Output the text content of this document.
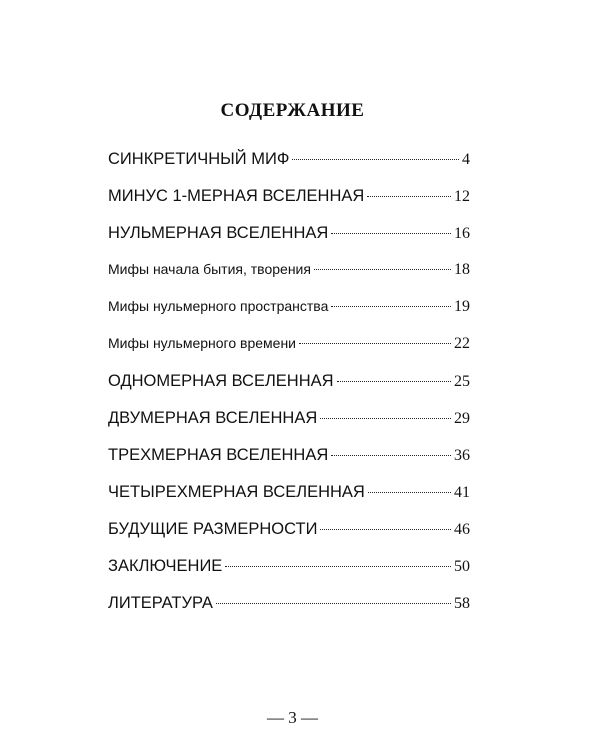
СОДЕРЖАНИЕ
СИНКРЕТИЧНЫЙ МИФ	4
МИНУС 1-МЕРНАЯ ВСЕЛЕННАЯ	12
НУЛЬМЕРНАЯ ВСЕЛЕННАЯ	16
Мифы начала бытия, творения	18
Мифы нульмерного пространства	19
Мифы нульмерного времени	22
ОДНОМЕРНАЯ ВСЕЛЕННАЯ	25
ДВУМЕРНАЯ ВСЕЛЕННАЯ	29
ТРЕХМЕРНАЯ ВСЕЛЕННАЯ	36
ЧЕТЫРЕХМЕРНАЯ ВСЕЛЕННАЯ	41
БУДУЩИЕ РАЗМЕРНОСТИ	46
ЗАКЛЮЧЕНИЕ	50
ЛИТЕРАТУРА	58
— 3 —
